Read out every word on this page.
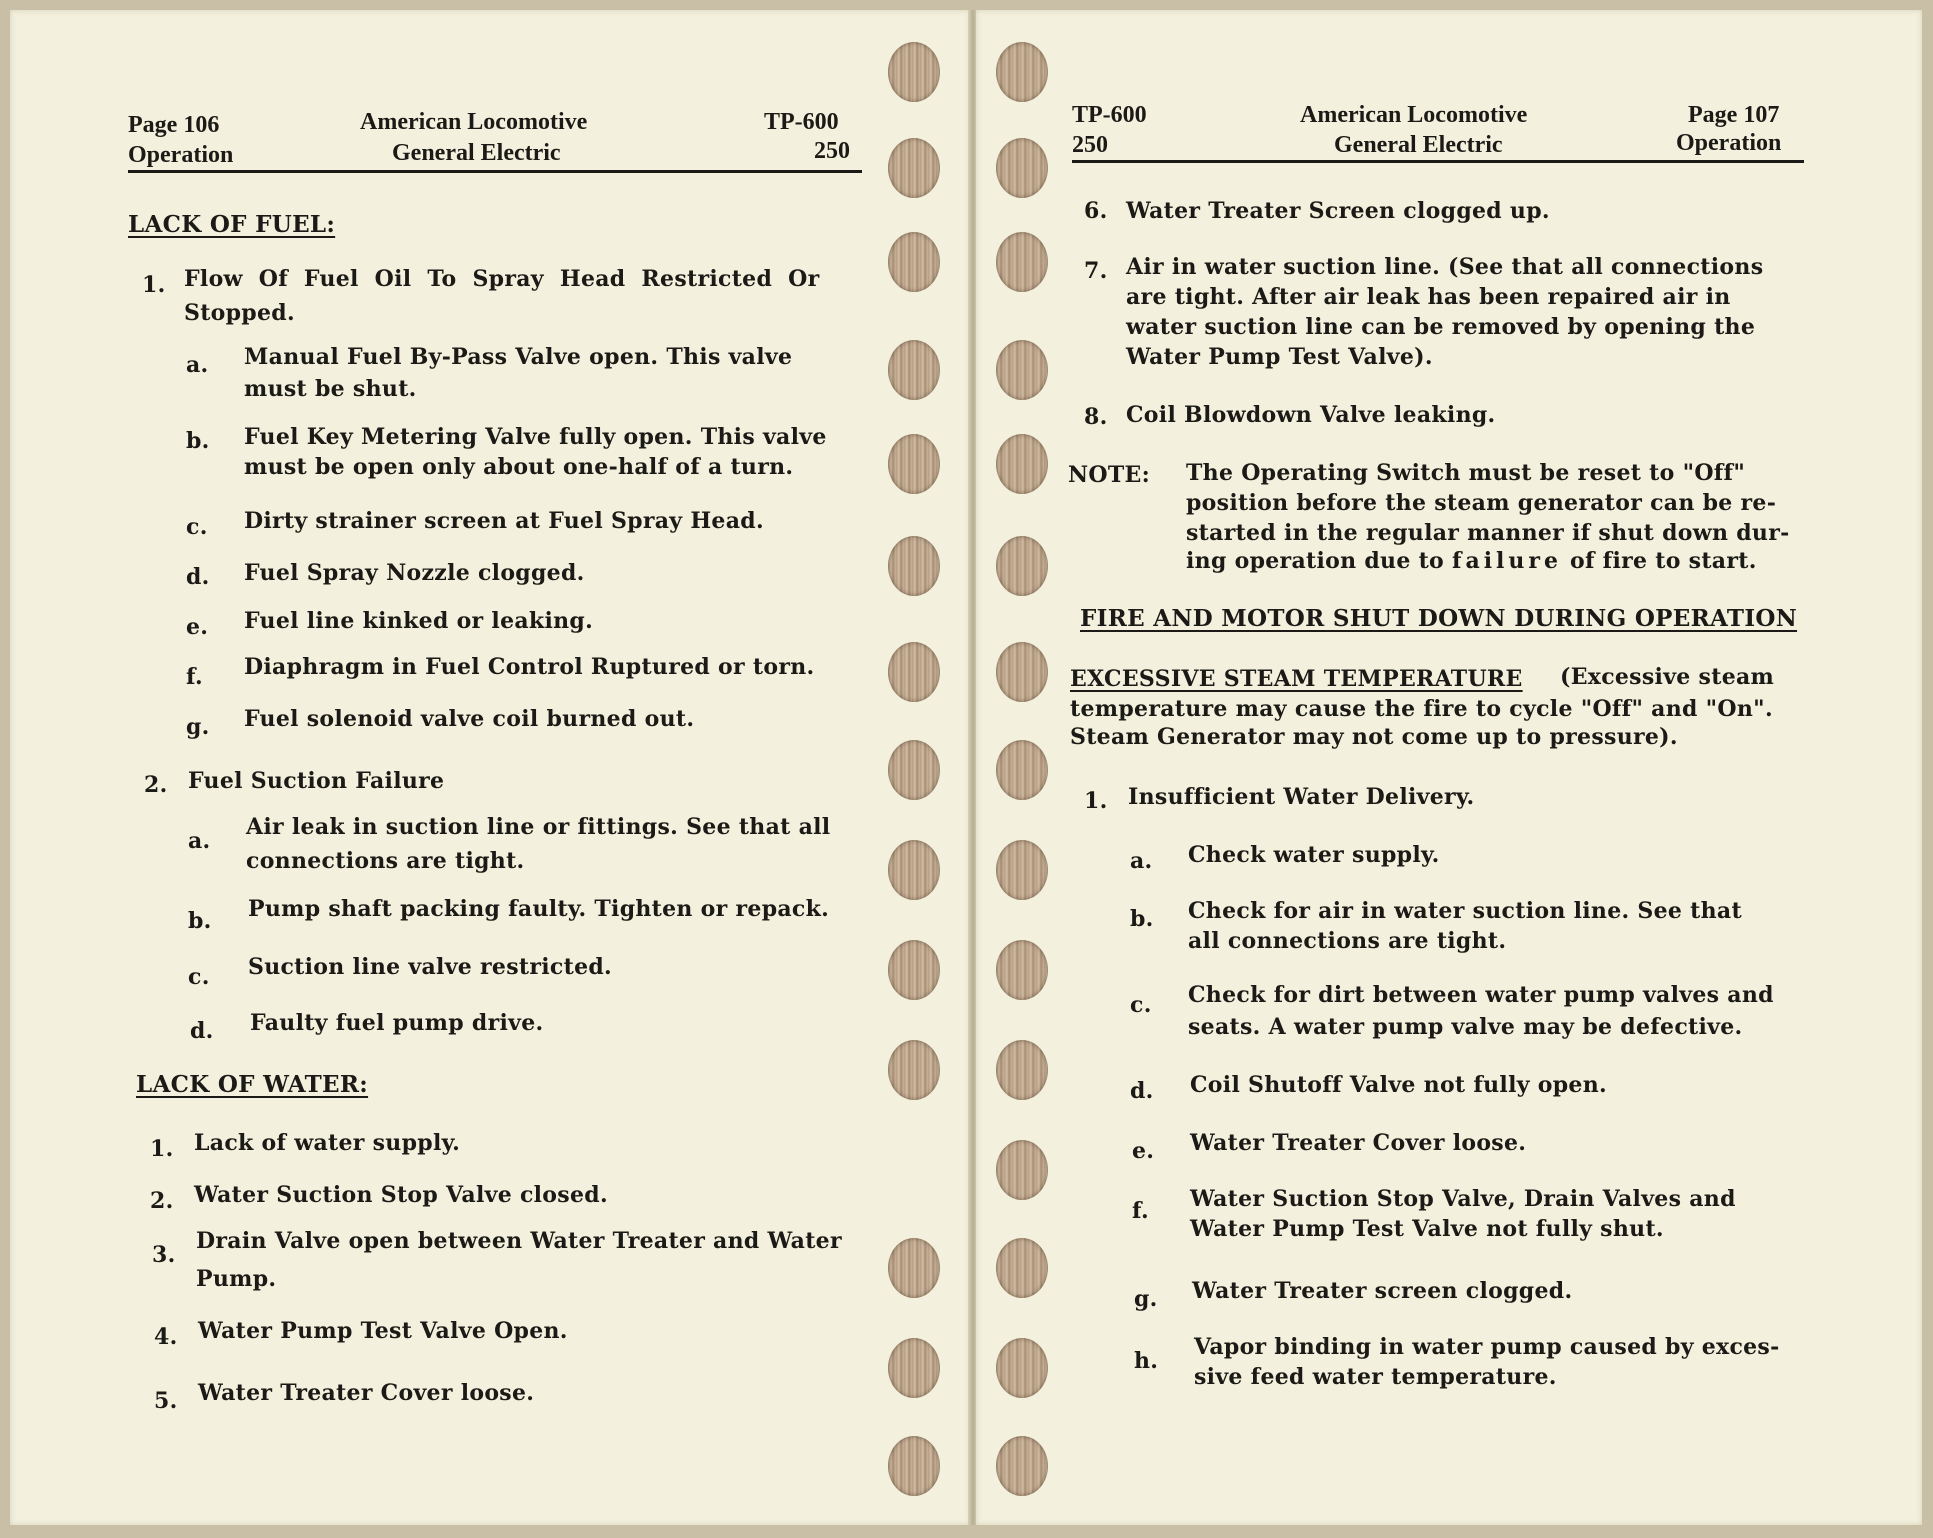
Page 106
Operation
American Locomotive
General Electric
TP-600
250
LACK OF FUEL:
1. Flow Of Fuel Oil To Spray Head Restricted Or
Stopped.
a. Manual Fuel By-Pass Valve open. This valve
must be shut.
b. Fuel Key Metering Valve fully open. This valve
must be open only about one-half of a turn.
c. Dirty strainer screen at Fuel Spray Head.
d. Fuel Spray Nozzle clogged.
e. Fuel line kinked or leaking.
f. Diaphragm in Fuel Control Ruptured or torn.
g. Fuel solenoid valve coil burned out.
2. Fuel Suction Failure
a.
Air leak in suction line or fittings. See that all
connections are tight.
b. Pump shaft packing faulty. Tighten or repack.
c. Suction line valve restricted.
d. Faulty fuel pump drive.
LACK OF WATER:
1. Lack of water supply.
2. Water Suction Stop Valve closed.
3.
Drain Valve open between Water Treater and Water
Pump.
4. Water Pump Test Valve Open.
5. Water Treater Cover loose.
TP-600
250
American Locomotive
General Electric
Page 107
Operation
6. Water Treater Screen clogged up.
7. Air in water suction line. (See that all connections
are tight. After air leak has been repaired air in
water suction line can be removed by opening the
Water Pump Test Valve).
8. Coil Blowdown Valve leaking.
NOTE: The Operating Switch must be reset to "Off"
position before the steam generator can be re-
started in the regular manner if shut down dur-
ing operation due to failure of fire to start.
FIRE AND MOTOR SHUT DOWN DURING OPERATION
EXCESSIVE STEAM TEMPERATURE (Excessive steam
temperature may cause the fire to cycle "Off" and "On".
Steam Generator may not come up to pressure).
1. Insufficient Water Delivery.
a. Check water supply.
b. Check for air in water suction line. See that
all connections are tight.
c. Check for dirt between water pump valves and
seats. A water pump valve may be defective.
d. Coil Shutoff Valve not fully open.
e. Water Treater Cover loose.
f. Water Suction Stop Valve, Drain Valves and
Water Pump Test Valve not fully shut.
g. Water Treater screen clogged.
h.
Vapor binding in water pump caused by exces-
sive feed water temperature.
